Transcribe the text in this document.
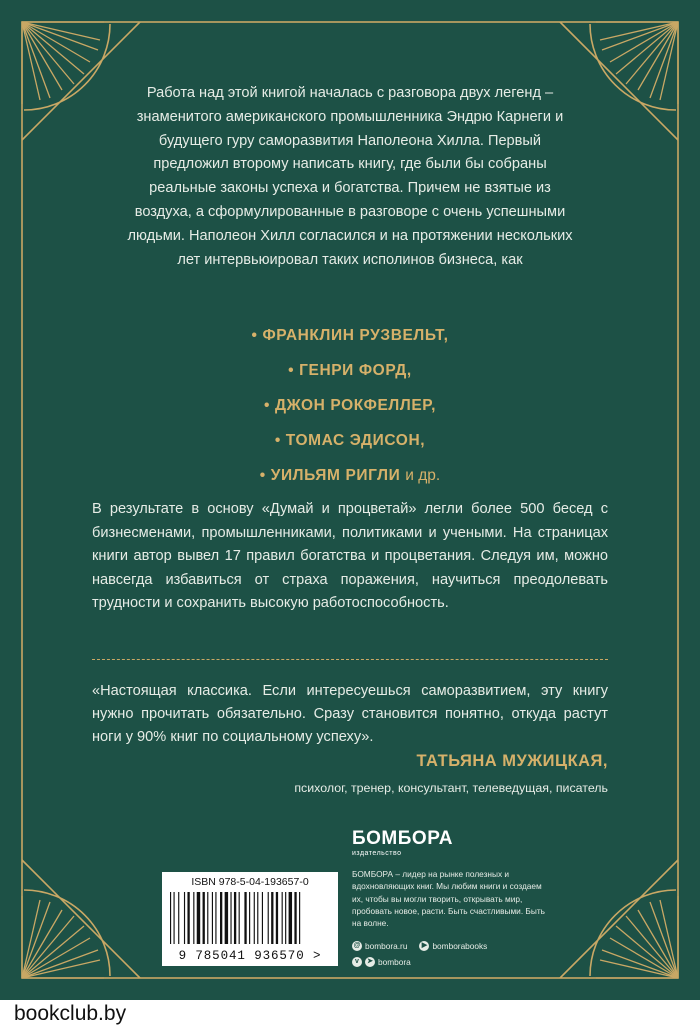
Работа над этой книгой началась с разговора двух легенд – знаменитого американского промышленника Эндрю Карнеги и будущего гуру саморазвития Наполеона Хилла. Первый предложил второму написать книгу, где были бы собраны реальные законы успеха и богатства. Причем не взятые из воздуха, а сформулированные в разговоре с очень успешными людьми. Наполеон Хилл согласился и на протяжении нескольких лет интервьюировал таких исполинов бизнеса, как
• ФРАНКЛИН РУЗВЕЛЬТ,
• ГЕНРИ ФОРД,
• ДЖОН РОКФЕЛЛЕР,
• ТОМАС ЭДИСОН,
• УИЛЬЯМ РИГЛИ и др.
В результате в основу «Думай и процветай» легли более 500 бесед с бизнесменами, промышленниками, политиками и учеными. На страницах книги автор вывел 17 правил богатства и процветания. Следуя им, можно навсегда избавиться от страха поражения, научиться преодолевать трудности и сохранить высокую работоспособность.
«Настоящая классика. Если интересуешься саморазвитием, эту книгу нужно прочитать обязательно. Сразу становится понятно, откуда растут ноги у 90% книг по социальному успеху».
ТАТЬЯНА МУЖИЦКАЯ,
психолог, тренер, консультант, телеведущая, писатель
ISBN 978-5-04-193657-0
9 785041 936570 >
БОМБОРА
издательство
БОМБОРА – лидер на рынке полезных и вдохновляющих книг. Мы любим книги и создаем их, чтобы вы могли творить, открывать мир, пробовать новое, расти. Быть счастливыми. Быть на волне.
@ bombora.ru	▶ bomborabooks
v	➤ bombora
bookclub.by
